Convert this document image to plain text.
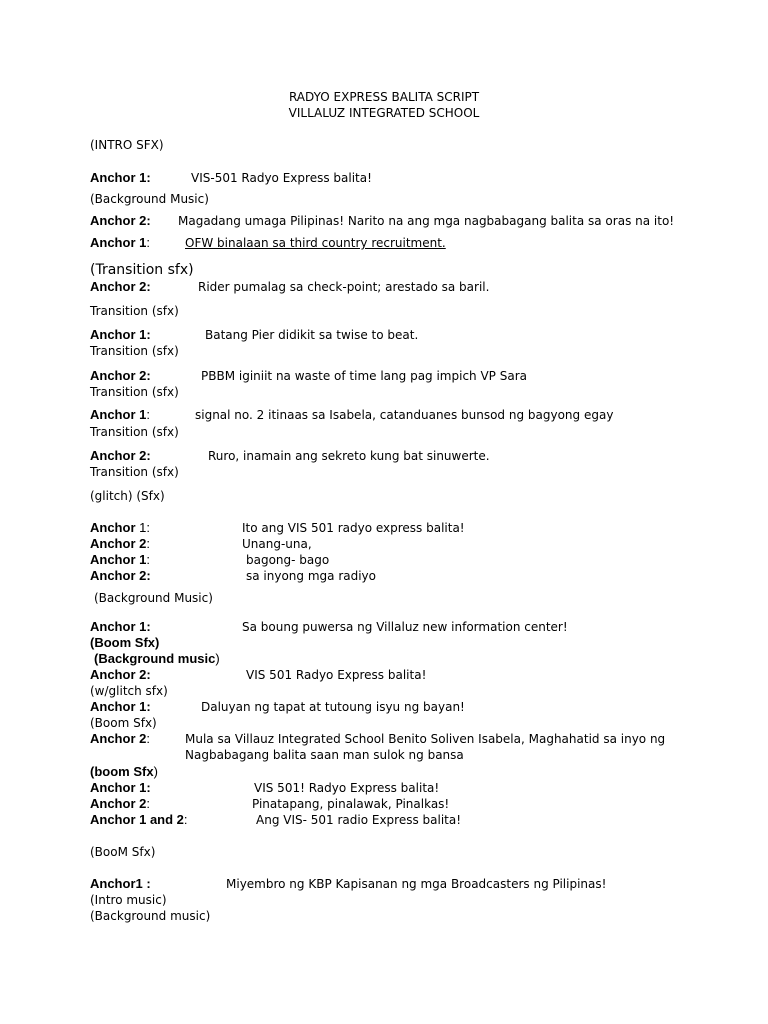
RADYO EXPRESS BALITA SCRIPT
VILLALUZ INTEGRATED SCHOOL
(INTRO SFX)
Anchor 1:	VIS-501 Radyo Express balita!
(Background Music)
Anchor 2: Magadang umaga Pilipinas! Narito na ang mga nagbabagang balita sa oras na ito!
Anchor 1:	OFW binalaan sa third country recruitment.
(Transition sfx)
Anchor 2:	Rider pumalag sa check-point; arestado sa baril.
Transition (sfx)
Anchor 1:	Batang Pier didikit sa twise to beat.
Transition (sfx)
Anchor 2:	PBBM iginiit na waste of time lang pag impich VP Sara
Transition (sfx)
Anchor 1:	signal no. 2 itinaas sa Isabela, catanduanes bunsod ng bagyong egay
Transition (sfx)
Anchor 2:	Ruro, inamain ang sekreto kung bat sinuwerte.
Transition (sfx)
(glitch) (Sfx)
Anchor 1:	Ito ang VIS 501 radyo express balita!
Anchor 2:	Unang-una,
Anchor 1:	bagong- bago
Anchor 2:	sa inyong mga radiyo
(Background Music)
Anchor 1:	Sa boung puwersa ng Villaluz new information center!
(Boom Sfx)
(Background music)
Anchor 2:	VIS 501 Radyo Express balita!
(w/glitch sfx)
Anchor 1:	Daluyan ng tapat at tutoung isyu ng bayan!
(Boom Sfx)
Anchor 2:	Mula sa Villauz Integrated School Benito Soliven Isabela, Maghahatid sa inyo ng
Nagbabagang balita saan man sulok ng bansa
(boom Sfx)
Anchor 1:	VIS 501! Radyo Express balita!
Anchor 2:	Pinatapang, pinalawak, Pinalkas!
Anchor 1 and 2:	Ang VIS- 501 radio Express balita!
(BooM Sfx)
Anchor1 :	Miyembro ng KBP Kapisanan ng mga Broadcasters ng Pilipinas!
(Intro music)
(Background music)
